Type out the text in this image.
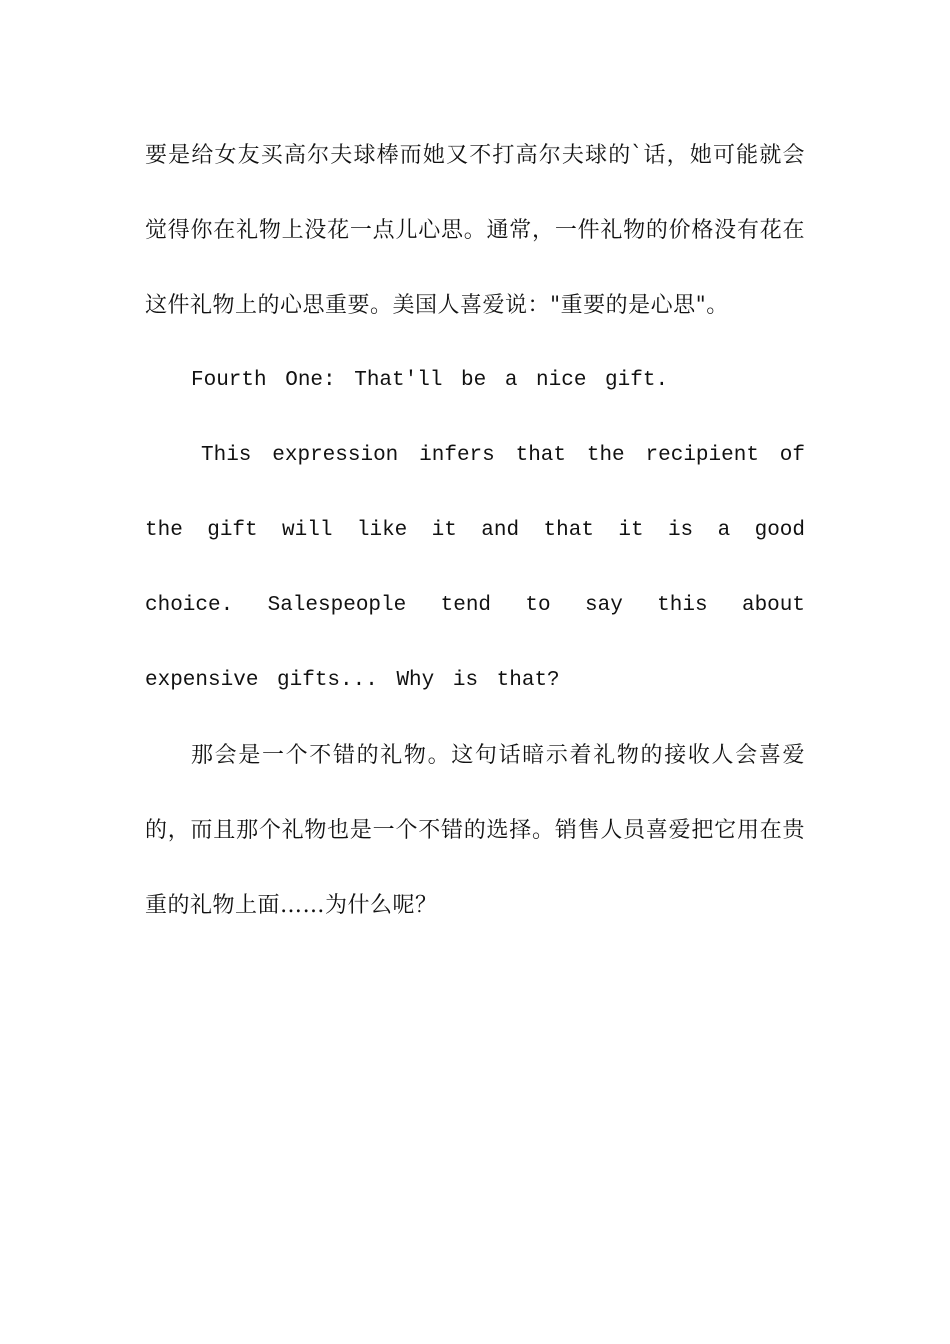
要是给女友买高尔夫球棒而她又不打高尔夫球的`话，她可能就会觉得你在礼物上没花一点儿心思。通常，一件礼物的价格没有花在这件礼物上的心思重要。美国人喜爱说："重要的是心思"。

Fourth One: That'll be a nice gift.

This expression infers that the recipient of the gift will like it and that it is a good choice. Salespeople tend to say this about expensive gifts... Why is that?

那会是一个不错的礼物。这句话暗示着礼物的接收人会喜爱的，而且那个礼物也是一个不错的选择。销售人员喜爱把它用在贵重的礼物上面……为什么呢？
